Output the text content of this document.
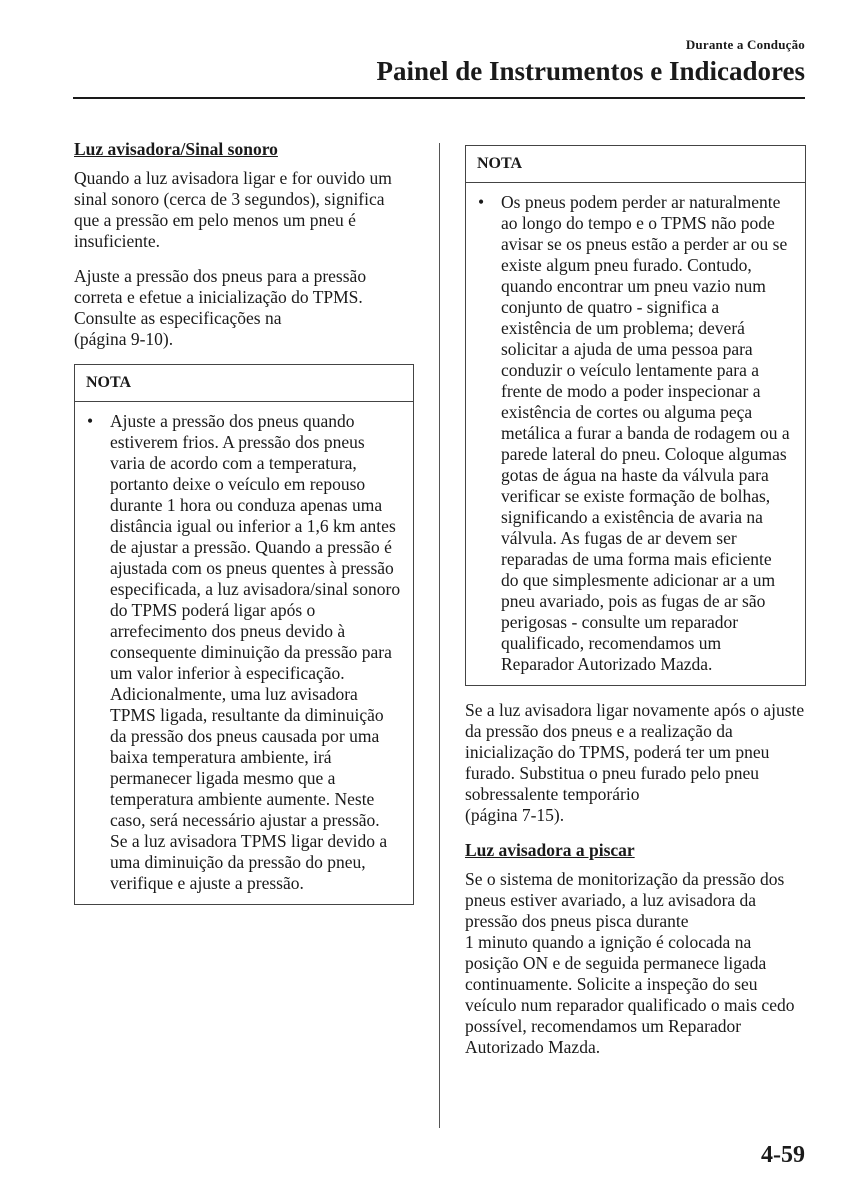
Durante a Condução
Painel de Instrumentos e Indicadores
Luz avisadora/Sinal sonoro

Quando a luz avisadora ligar e for ouvido um sinal sonoro (cerca de 3 segundos), significa que a pressão em pelo menos um pneu é insuficiente.

Ajuste a pressão dos pneus para a pressão correta e efetue a inicialização do TPMS. Consulte as especificações na
(página 9-10).

NOTA
• Ajuste a pressão dos pneus quando estiverem frios. A pressão dos pneus varia de acordo com a temperatura, portanto deixe o veículo em repouso durante 1 hora ou conduza apenas uma distância igual ou inferior a 1,6 km antes de ajustar a pressão. Quando a pressão é ajustada com os pneus quentes à pressão especificada, a luz avisadora/sinal sonoro do TPMS poderá ligar após o arrefecimento dos pneus devido à consequente diminuição da pressão para um valor inferior à especificação. Adicionalmente, uma luz avisadora TPMS ligada, resultante da diminuição da pressão dos pneus causada por uma baixa temperatura ambiente, irá permanecer ligada mesmo que a temperatura ambiente aumente. Neste caso, será necessário ajustar a pressão. Se a luz avisadora TPMS ligar devido a uma diminuição da pressão do pneu, verifique e ajuste a pressão.
NOTA
• Os pneus podem perder ar naturalmente ao longo do tempo e o TPMS não pode avisar se os pneus estão a perder ar ou se existe algum pneu furado. Contudo, quando encontrar um pneu vazio num conjunto de quatro - significa a existência de um problema; deverá solicitar a ajuda de uma pessoa para conduzir o veículo lentamente para a frente de modo a poder inspecionar a existência de cortes ou alguma peça metálica a furar a banda de rodagem ou a parede lateral do pneu. Coloque algumas gotas de água na haste da válvula para verificar se existe formação de bolhas, significando a existência de avaria na válvula. As fugas de ar devem ser reparadas de uma forma mais eficiente do que simplesmente adicionar ar a um pneu avariado, pois as fugas de ar são perigosas - consulte um reparador qualificado, recomendamos um Reparador Autorizado Mazda.

Se a luz avisadora ligar novamente após o ajuste da pressão dos pneus e a realização da inicialização do TPMS, poderá ter um pneu furado. Substitua o pneu furado pelo pneu sobressalente temporário
(página 7-15).

Luz avisadora a piscar

Se o sistema de monitorização da pressão dos pneus estiver avariado, a luz avisadora da pressão dos pneus pisca durante
1 minuto quando a ignição é colocada na posição ON e de seguida permanece ligada continuamente. Solicite a inspeção do seu veículo num reparador qualificado o mais cedo possível, recomendamos um Reparador Autorizado Mazda.

4-59
